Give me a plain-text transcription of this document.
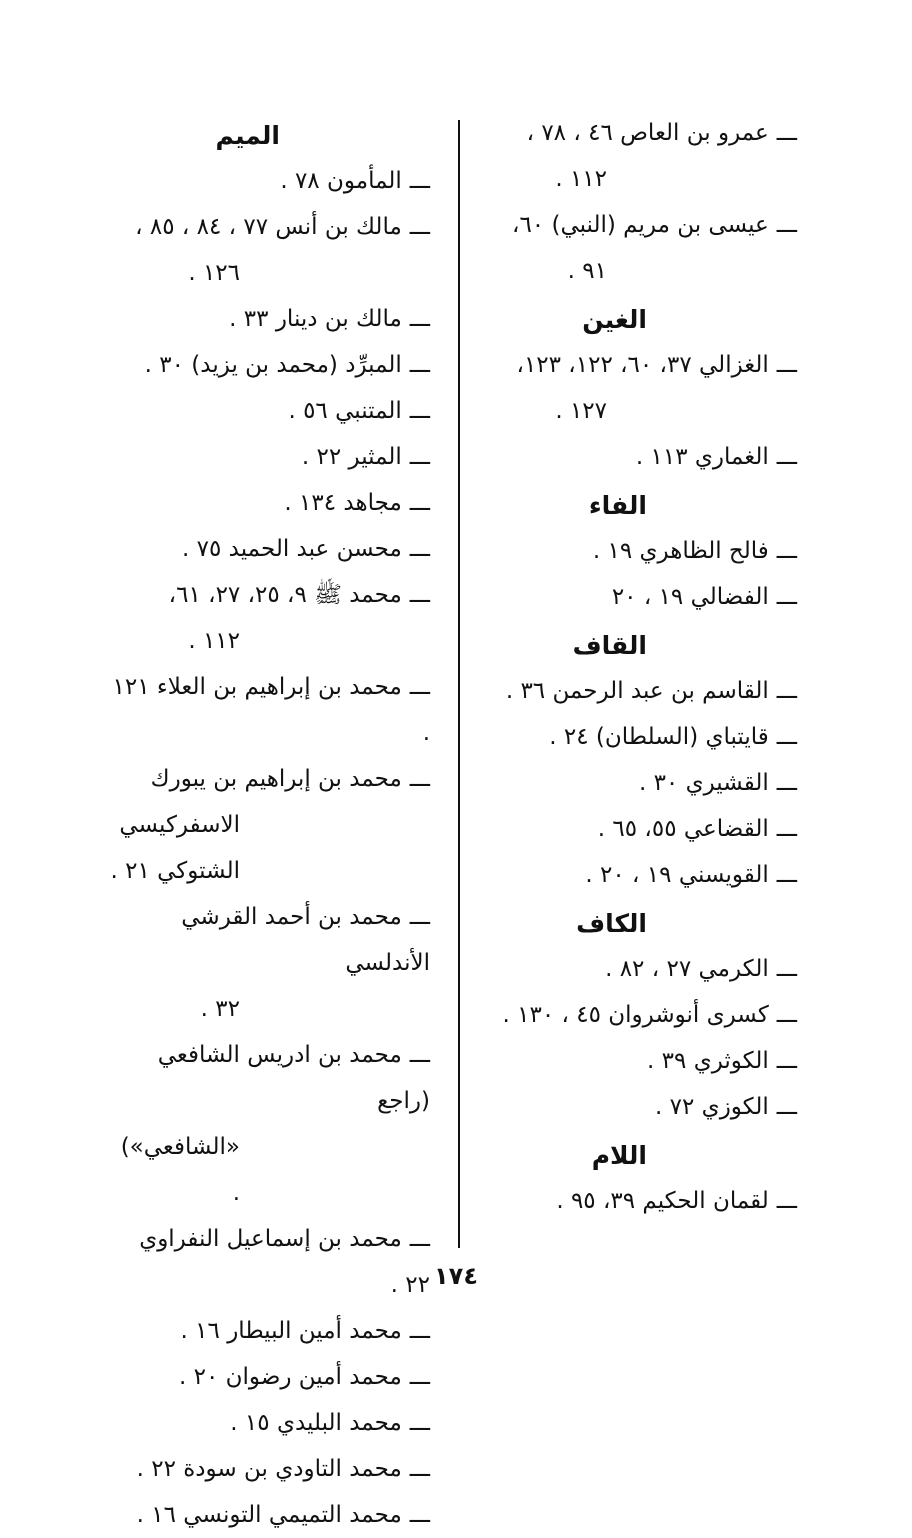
ـــعمرو بن العاص ٤٦ ، ٧٨ ،
١١٢ .
ـــعيسى بن مريم (النبي) ٦٠،
٩١ .
الغين
ـــالغزالي ٣٧، ٦٠، ١٢٢، ١٢٣،
١٢٧ .
ـــالغماري ١١٣ .
الفاء
ـــفالح الظاهري ١٩ .
ـــالفضالي ١٩ ، ٢٠
القاف
ـــالقاسم بن عبد الرحمن ٣٦ .
ـــقايتباي (السلطان) ٢٤ .
ـــالقشيري ٣٠ .
ـــالقضاعي ٥٥، ٦٥ .
ـــالقويسني ١٩ ، ٢٠ .
الكاف
ـــالكرمي ٢٧ ، ٨٢ .
ـــكسرى أنوشروان ٤٥ ، ١٣٠ .
ـــالكوثري ٣٩ .
ـــالكوزي ٧٢ .
اللام
ـــلقمان الحكيم ٣٩، ٩٥ .
الميم
ـــالمأمون ٧٨ .
ـــمالك بن أنس ٧٧ ، ٨٤ ، ٨٥ ،
١٢٦ .
ـــمالك بن دينار ٣٣ .
ـــالمبرِّد (محمد بن يزيد) ٣٠ .
ـــالمتنبي ٥٦ .
ـــالمثير ٢٢ .
ـــمجاهد ١٣٤ .
ـــمحسن عبد الحميد ٧٥ .
ـــمحمد ﷺ ٩، ٢٥، ٢٧، ٦١،
١١٢ .
ـــمحمد بن إبراهيم بن العلاء ١٢١ .
ـــمحمد بن إبراهيم بن يبورك
الاسفركيسي الشتوكي ٢١ .
ـــمحمد بن أحمد القرشي الأندلسي
٣٢ .
ـــمحمد بن ادريس الشافعي (راجع
«الشافعي») .
ـــمحمد بن إسماعيل النفراوي ٢٢ .
ـــمحمد أمين البيطار ١٦ .
ـــمحمد أمين رضوان ٢٠ .
ـــمحمد البليدي ١٥ .
ـــمحمد التاودي بن سودة ٢٢ .
ـــمحمد التميمي التونسي ١٦ .
١٧٤
